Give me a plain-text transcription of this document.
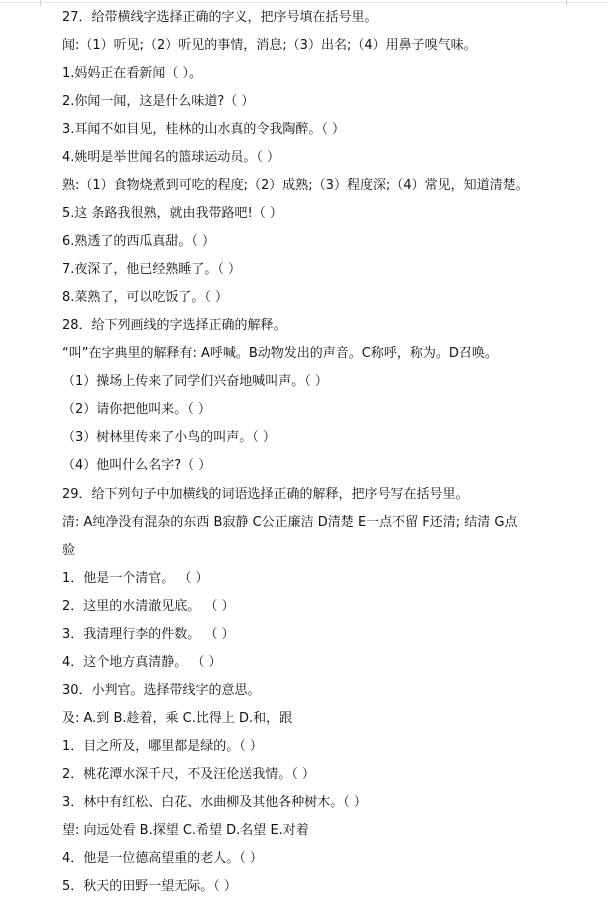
27．给带横线字选择正确的字义，把序号填在括号里。
闻:（1）听见;（2）听见的事情，消息;（3）出名;（4）用鼻子嗅气味。
1.妈妈正在看新闻（ ）。
2.你闻一闻，这是什么味道?（ ）
3.耳闻不如目见，桂林的山水真的令我陶醉。（ ）
4.姚明是举世闻名的篮球运动员。（ ）
熟:（1）食物烧煮到可吃的程度;（2）成熟;（3）程度深;（4）常见，知道清楚。
5.这 条路我很熟，就由我带路吧!（ ）
6.熟透了的西瓜真甜。（ ）
7.夜深了，他已经熟睡了。（ ）
8.菜熟了，可以吃饭了。（ ）
28．给下列画线的字选择正确的解释。
“叫”在字典里的解释有: A呼喊。B动物发出的声音。C称呼，称为。D召唤。
（1）操场上传来了同学们兴奋地喊叫声。（ ）
（2）请你把他叫来。（ ）
（3）树林里传来了小鸟的叫声。（ ）
（4）他叫什么名字?（ ）
29．给下列句子中加横线的词语选择正确的解释，把序号写在括号里。
清: A纯净没有混杂的东西 B寂静 C公正廉洁 D清楚 E一点不留 F还清; 结清 G点
验
1．他是一个清官。 （ ）
2．这里的水清澈见底。 （ ）
3．我清理行李的件数。 （ ）
4．这个地方真清静。 （ ）
30．小判官。选择带线字的意思。
及: A.到 B.趁着，乘 C.比得上 D.和，跟
1．目之所及，哪里都是绿的。（ ）
2．桃花潭水深千尺，不及汪伦送我情。（ ）
3．林中有红松、白花、水曲柳及其他各种树木。（ ）
望: 向远处看 B.探望 C.希望 D.名望 E.对着
4．他是一位德高望重的老人。（ ）
5．秋天的田野一望无际。（ ）
